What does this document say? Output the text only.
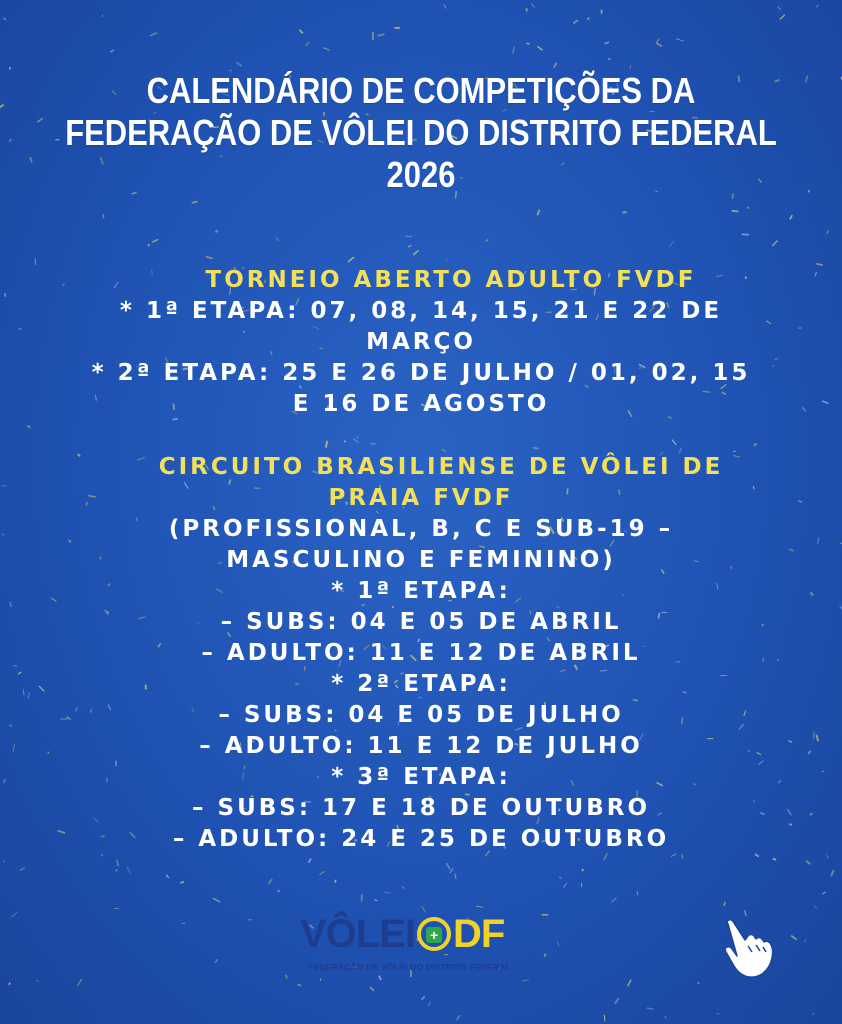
CALENDÁRIO DE COMPETIÇÕES DA
FEDERAÇÃO DE VÔLEI DO DISTRITO FEDERAL
2026
TORNEIO ABERTO ADULTO FVDF
* 1ª ETAPA: 07, 08, 14, 15, 21 E 22 DE
MARÇO
* 2ª ETAPA: 25 E 26 DE JULHO / 01, 02, 15
E 16 DE AGOSTO
CIRCUITO BRASILIENSE DE VÔLEI DE
PRAIA FVDF
(PROFISSIONAL, B, C E SUB-19 –
MASCULINO E FEMININO)
* 1ª ETAPA:
– SUBS: 04 E 05 DE ABRIL
– ADULTO: 11 E 12 DE ABRIL
* 2ª ETAPA:
– SUBS: 04 E 05 DE JULHO
– ADULTO: 11 E 12 DE JULHO
* 3ª ETAPA:
– SUBS: 17 E 18 DE OUTUBRO
– ADULTO: 24 E 25 DE OUTUBRO
VÔLEI + DF
FEDERAÇÃO DE VÔLEI DO DISTRITO FEDERAL
